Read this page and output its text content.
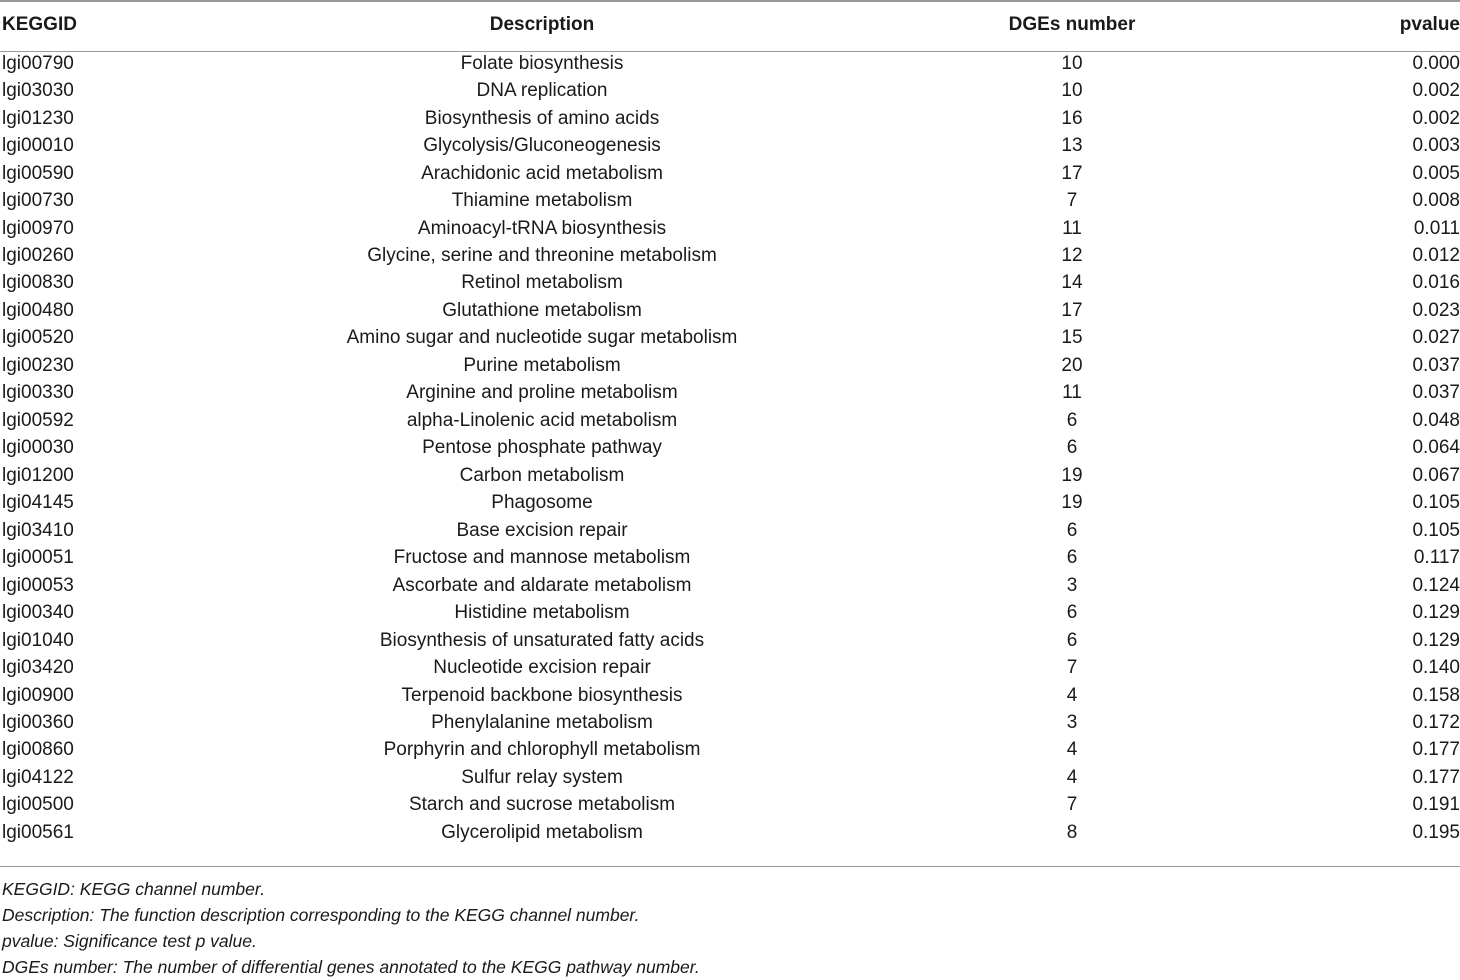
KEGGID	Description	DGEs number	pvalue
lgi00790	Folate biosynthesis	10	0.000
lgi03030	DNA replication	10	0.002
lgi01230	Biosynthesis of amino acids	16	0.002
lgi00010	Glycolysis/Gluconeogenesis	13	0.003
lgi00590	Arachidonic acid metabolism	17	0.005
lgi00730	Thiamine metabolism	7	0.008
lgi00970	Aminoacyl-tRNA biosynthesis	11	0.011
lgi00260	Glycine, serine and threonine metabolism	12	0.012
lgi00830	Retinol metabolism	14	0.016
lgi00480	Glutathione metabolism	17	0.023
lgi00520	Amino sugar and nucleotide sugar metabolism	15	0.027
lgi00230	Purine metabolism	20	0.037
lgi00330	Arginine and proline metabolism	11	0.037
lgi00592	alpha-Linolenic acid metabolism	6	0.048
lgi00030	Pentose phosphate pathway	6	0.064
lgi01200	Carbon metabolism	19	0.067
lgi04145	Phagosome	19	0.105
lgi03410	Base excision repair	6	0.105
lgi00051	Fructose and mannose metabolism	6	0.117
lgi00053	Ascorbate and aldarate metabolism	3	0.124
lgi00340	Histidine metabolism	6	0.129
lgi01040	Biosynthesis of unsaturated fatty acids	6	0.129
lgi03420	Nucleotide excision repair	7	0.140
lgi00900	Terpenoid backbone biosynthesis	4	0.158
lgi00360	Phenylalanine metabolism	3	0.172
lgi00860	Porphyrin and chlorophyll metabolism	4	0.177
lgi04122	Sulfur relay system	4	0.177
lgi00500	Starch and sucrose metabolism	7	0.191
lgi00561	Glycerolipid metabolism	8	0.195
KEGGID: KEGG channel number.
Description: The function description corresponding to the KEGG channel number.
pvalue: Significance test p value.
DGEs number: The number of differential genes annotated to the KEGG pathway number.
